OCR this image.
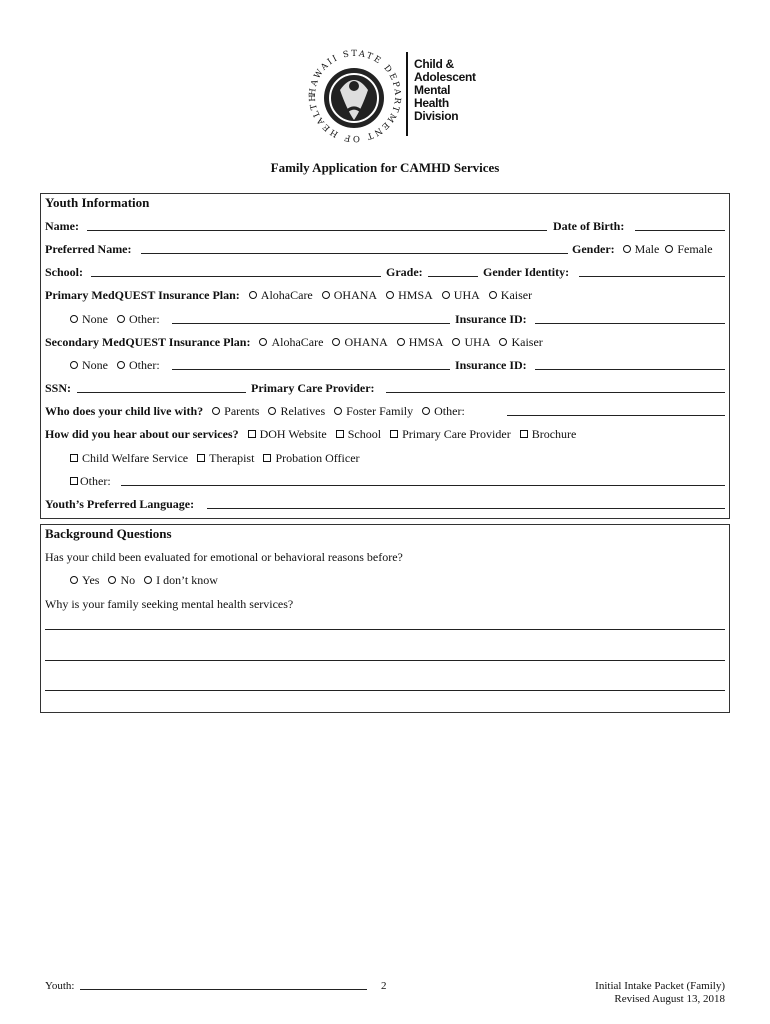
HAWAII STATE DEPARTMENT OF HEALTH
Child &
Adolescent
Mental
Health
Division
Family Application for CAMHD Services
Youth Information
Name:	Date of Birth:
Preferred Name:	Gender: Male Female
School:	Grade:	Gender Identity:
Primary MedQUEST Insurance Plan: AlohaCare OHANA HMSA UHA Kaiser
None Other:	Insurance ID:
Secondary MedQUEST Insurance Plan: AlohaCare OHANA HMSA UHA Kaiser
None Other:	Insurance ID:
SSN:	Primary Care Provider:
Who does your child live with? Parents Relatives Foster Family Other:
How did you hear about our services? DOH Website School Primary Care Provider Brochure
Child Welfare Service Therapist Probation Officer
Other:
Youth’s Preferred Language:
Background Questions
Has your child been evaluated for emotional or behavioral reasons before?
Yes No I don’t know
Why is your family seeking mental health services?
Youth:	2	Initial Intake Packet (Family)
Revised August 13, 2018
